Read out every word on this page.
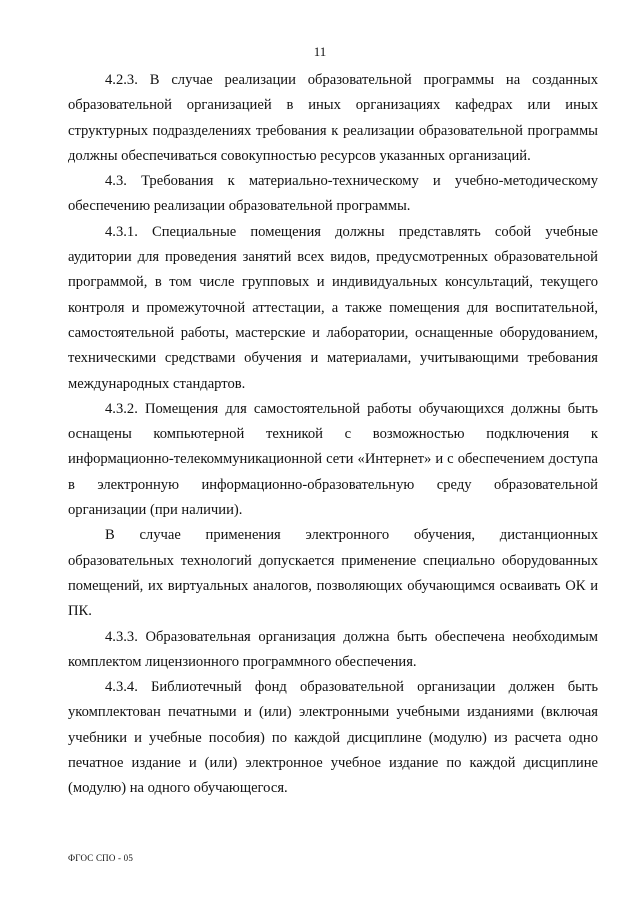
11

4.2.3. В случае реализации образовательной программы на созданных образовательной организацией в иных организациях кафедрах или иных структурных подразделениях требования к реализации образовательной программы должны обеспечиваться совокупностью ресурсов указанных организаций.

4.3. Требования к материально-техническому и учебно-методическому обеспечению реализации образовательной программы.

4.3.1. Специальные помещения должны представлять собой учебные аудитории для проведения занятий всех видов, предусмотренных образовательной программой, в том числе групповых и индивидуальных консультаций, текущего контроля и промежуточной аттестации, а также помещения для воспитательной, самостоятельной работы, мастерские и лаборатории, оснащенные оборудованием, техническими средствами обучения и материалами, учитывающими требования международных стандартов.

4.3.2. Помещения для самостоятельной работы обучающихся должны быть оснащены компьютерной техникой с возможностью подключения к информационно-телекоммуникационной сети «Интернет» и с обеспечением доступа в электронную информационно-образовательную среду образовательной организации (при наличии).

В случае применения электронного обучения, дистанционных образовательных технологий допускается применение специально оборудованных помещений, их виртуальных аналогов, позволяющих обучающимся осваивать ОК и ПК.

4.3.3. Образовательная организация должна быть обеспечена необходимым комплектом лицензионного программного обеспечения.

4.3.4. Библиотечный фонд образовательной организации должен быть укомплектован печатными и (или) электронными учебными изданиями (включая учебники и учебные пособия) по каждой дисциплине (модулю) из расчета одно печатное издание и (или) электронное учебное издание по каждой дисциплине (модулю) на одного обучающегося.

ФГОС СПО - 05
